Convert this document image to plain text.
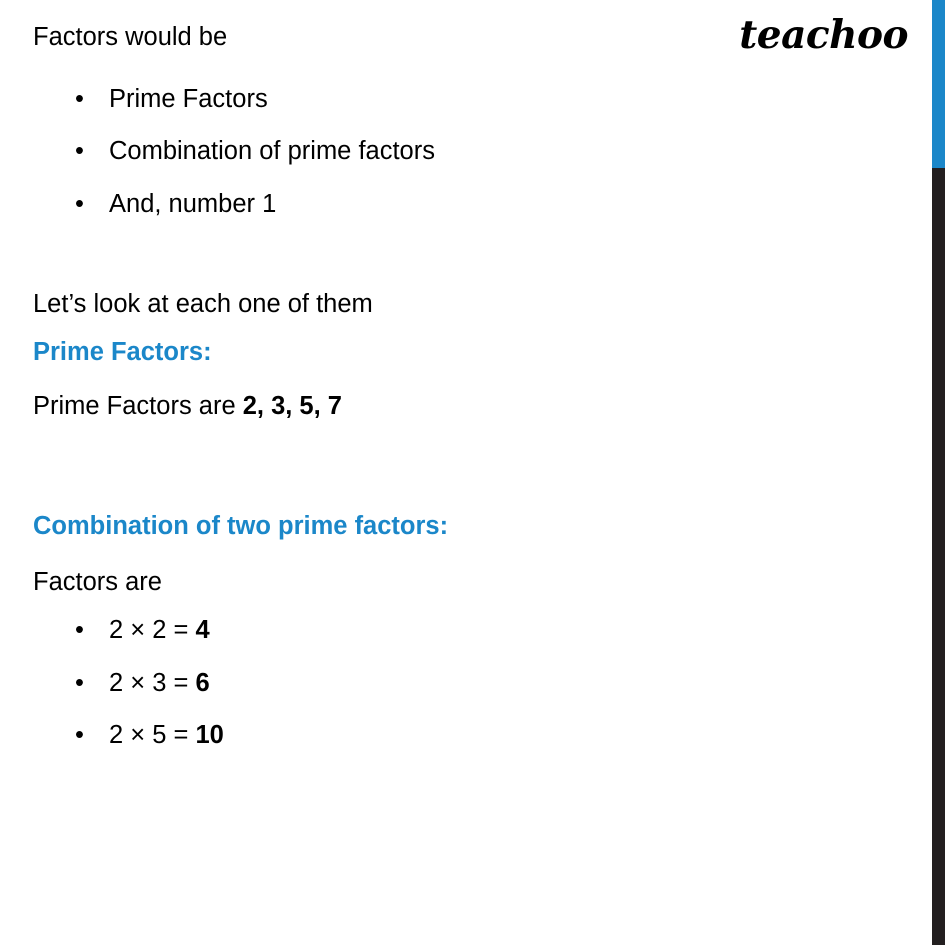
teachoo
Factors would be
• Prime Factors
• Combination of prime factors
• And, number 1
Let’s look at each one of them
Prime Factors:
Prime Factors are 2, 3, 5, 7
Combination of two prime factors:
Factors are
• 2 × 2 = 4
• 2 × 3 = 6
• 2 × 5 = 10
